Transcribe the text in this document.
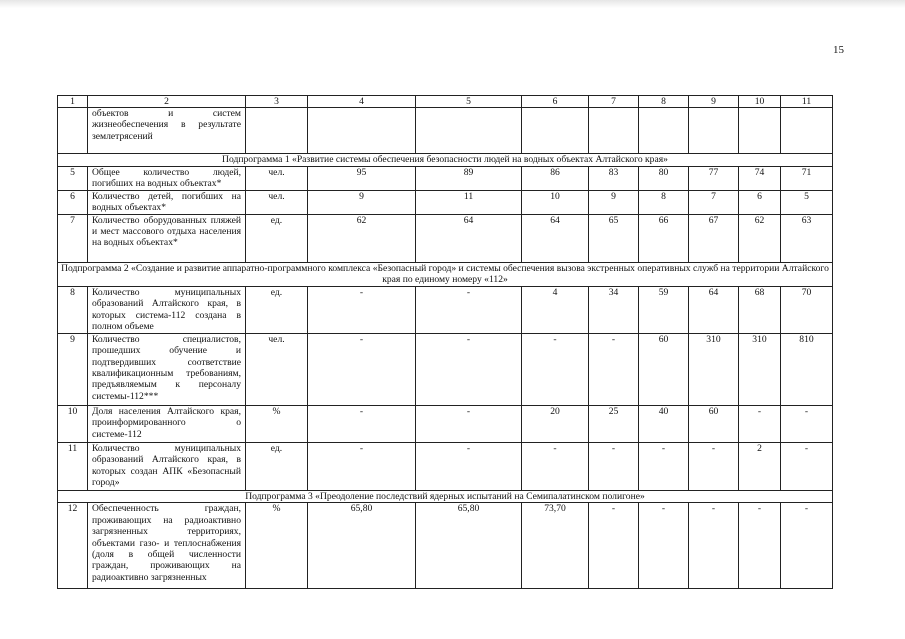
15
1	2	3	4	5	6	7	8	9	10	11
	объектов и систем жизнеобеспечения в результате землетрясений									
Подпрограмма 1 «Развитие системы обеспечения безопасности людей на водных объектах Алтайского края»										
5	Общее количество людей, погибших на водных объектах*	чел.	95	89	86	83	80	77	74	71
6	Количество детей, погибших на водных объектах*	чел.	9	11	10	9	8	7	6	5
7	Количество оборудованных пляжей и мест массового отдыха населения на водных объектах*	ед.	62	64	64	65	66	67	62	63
Подпрограмма 2 «Создание и развитие аппаратно-программного комплекса «Безопасный город» и системы обеспечения вызова экстренных оперативных служб на территории Алтайского края по единому номеру «112»										
8	Количество муниципальных образований Алтайского края, в которых система-112 создана в полном объеме	ед.	-	-	4	34	59	64	68	70
9	Количество специалистов, прошедших обучение и подтвердивших соответствие квалификационным требованиям, предъявляемым к персоналу системы-112***	чел.	-	-	-	-	60	310	310	810
10	Доля населения Алтайского края, проинформированного о системе-112	%	-	-	20	25	40	60	-	-
11	Количество муниципальных образований Алтайского края, в которых создан АПК «Безопасный город»	ед.	-	-	-	-	-	-	2	-
Подпрограмма 3 «Преодоление последствий ядерных испытаний на Семипалатинском полигоне»										
12	Обеспеченность граждан, проживающих на радиоактивно загрязненных территориях, объектами газо- и теплоснабжения (доля в общей численности граждан, проживающих на радиоактивно загрязненных	%	65,80	65,80	73,70	-	-	-	-	-
